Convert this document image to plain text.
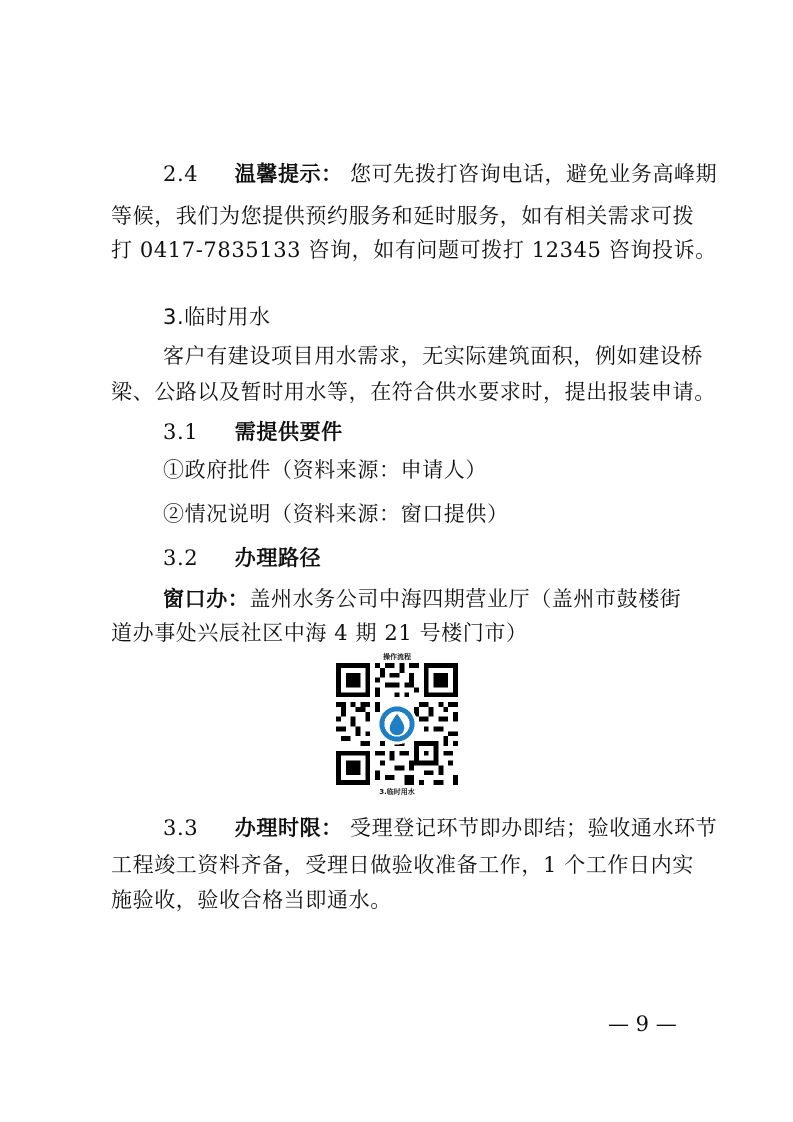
2.4 温馨提示： 您可先拨打咨询电话，避免业务高峰期
等候，我们为您提供预约服务和延时服务，如有相关需求可拨
打 0417-7835133 咨询，如有问题可拨打 12345 咨询投诉。
3.临时用水
客户有建设项目用水需求，无实际建筑面积，例如建设桥
梁、公路以及暂时用水等，在符合供水要求时，提出报装申请。
3.1 需提供要件
①政府批件（资料来源：申请人）
②情况说明（资料来源：窗口提供）
3.2 办理路径
窗口办：盖州水务公司中海四期营业厅（盖州市鼓楼街
道办事处兴辰社区中海 4 期 21 号楼门市）
操作流程
3.临时用水
3.3 办理时限： 受理登记环节即办即结；验收通水环节
工程竣工资料齐备，受理日做验收准备工作，1 个工作日内实
施验收，验收合格当即通水。
— 9 —
